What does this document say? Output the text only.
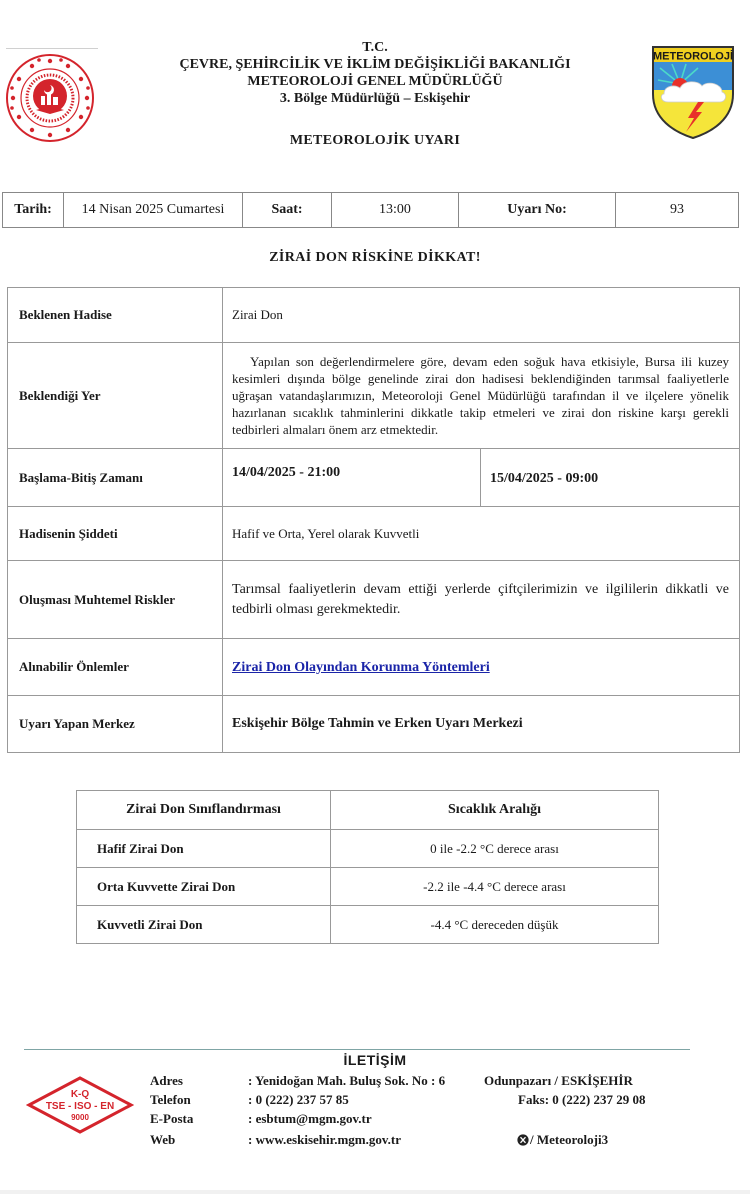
T.C.
ÇEVRE, ŞEHİRCİLİK VE İKLİM DEĞİŞİKLİĞİ BAKANLIĞI
METEOROLOJİ GENEL MÜDÜRLÜĞÜ
3. Bölge Müdürlüğü – Eskişehir
METEOROLOJİK UYARI
METEOROLOJİ
Tarih:	14 Nisan 2025 Cumartesi	Saat:	13:00	Uyarı No:	93
ZİRAİ DON RİSKİNE DİKKAT!
Beklenen Hadise	Zirai Don	
Beklendiği Yer	Yapılan son değerlendirmelere göre, devam eden soğuk hava etkisiyle, Bursa ili kuzey kesimleri dışında bölge genelinde zirai don hadisesi beklendiğinden tarımsal faaliyetlerle uğraşan vatandaşlarımızın, Meteoroloji Genel Müdürlüğü tarafından il ve ilçelere yönelik hazırlanan sıcaklık tahminlerini dikkatle takip etmeleri ve zirai don riskine karşı gerekli tedbirleri almaları önem arz etmektedir.	
Başlama-Bitiş Zamanı	14/04/2025 - 21:00	15/04/2025 - 09:00
Hadisenin Şiddeti	Hafif ve Orta, Yerel olarak Kuvvetli	
Oluşması Muhtemel Riskler	Tarımsal faaliyetlerin devam ettiği yerlerde çiftçilerimizin ve ilgililerin dikkatli ve tedbirli olması gerekmektedir.	
Alınabilir Önlemler	Zirai Don Olayından Korunma Yöntemleri	
Uyarı Yapan Merkez	Eskişehir Bölge Tahmin ve Erken Uyarı Merkezi	
Zirai Don Sınıflandırması	Sıcaklık Aralığı
Hafif Zirai Don	0 ile -2.2 °C derece arası
Orta Kuvvette Zirai Don	-2.2 ile -4.4 °C derece arası
Kuvvetli Zirai Don	-4.4 °C dereceden düşük
İLETİŞİM
K-Q
TSE - ISO - EN
9000
Adres	: Yenidoğan Mah. Buluş Sok. No : 6	Odunpazarı / ESKİŞEHİR
Telefon	: 0 (222) 237 57 85	Faks: 0 (222) 237 29 08
E-Posta	: esbtum@mgm.gov.tr
Web	: www.eskisehir.mgm.gov.tr	/ Meteoroloji3
